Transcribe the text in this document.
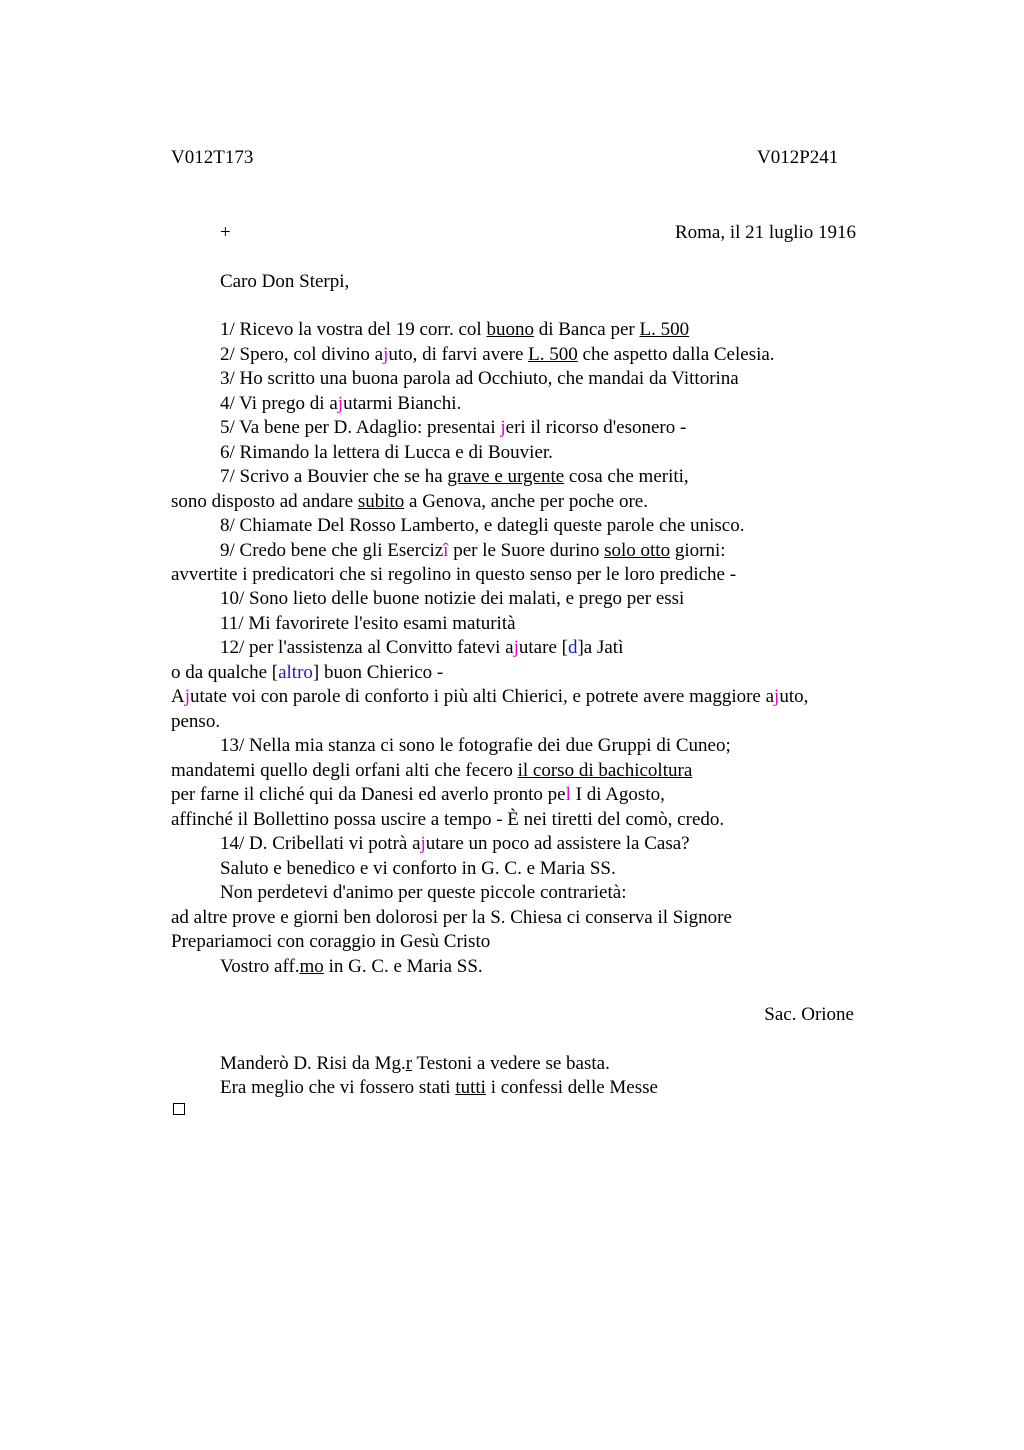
V012T173	V012P241
+	Roma, il 21 luglio 1916
Caro Don Sterpi,
1/ Ricevo la vostra del 19 corr. col buono di Banca per L. 500
2/ Spero, col divino ajuto, di farvi avere L. 500 che aspetto dalla Celesia.
3/ Ho scritto una buona parola ad Occhiuto, che mandai da Vittorina
4/ Vi prego di ajutarmi Bianchi.
5/ Va bene per D. Adaglio: presentai jeri il ricorso d'esonero -
6/ Rimando la lettera di Lucca e di Bouvier.
7/ Scrivo a Bouvier che se ha grave e urgente cosa che meriti,
sono disposto ad andare subito a Genova, anche per poche ore.
8/ Chiamate Del Rosso Lamberto, e dategli queste parole che unisco.
9/ Credo bene che gli Esercizî per le Suore durino solo otto giorni:
avvertite i predicatori che si regolino in questo senso per le loro prediche -
10/ Sono lieto delle buone notizie dei malati, e prego per essi
11/ Mi favorirete l'esito esami maturità
12/ per l'assistenza al Convitto fatevi ajutare [d]a Jatì
o da qualche [altro] buon Chierico -
Ajutate voi con parole di conforto i più alti Chierici, e potrete avere maggiore ajuto,
penso.
13/ Nella mia stanza ci sono le fotografie dei due Gruppi di Cuneo;
mandatemi quello degli orfani alti che fecero il corso di bachicoltura
per farne il cliché qui da Danesi ed averlo pronto pel I di Agosto,
affinché il Bollettino possa uscire a tempo - È nei tiretti del comò, credo.
14/ D. Cribellati vi potrà ajutare un poco ad assistere la Casa?
Saluto e benedico e vi conforto in G. C. e Maria SS.
Non perdetevi d'animo per queste piccole contrarietà:
ad altre prove e giorni ben dolorosi per la S. Chiesa ci conserva il Signore
Prepariamoci con coraggio in Gesù Cristo
Vostro aff.mo in G. C. e Maria SS.
Sac. Orione
Manderò D. Risi da Mg.r Testoni a vedere se basta.
Era meglio che vi fossero stati tutti i confessi delle Messe
